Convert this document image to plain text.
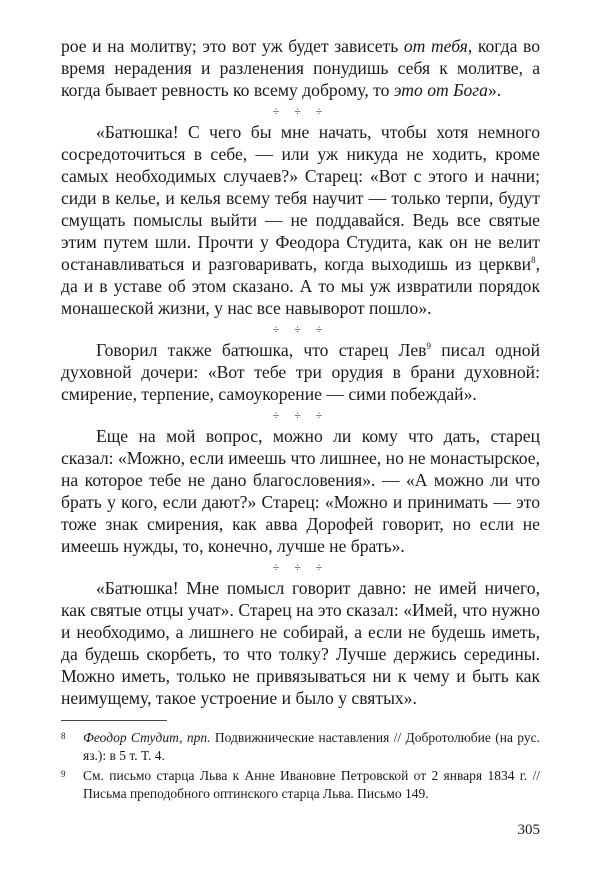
рое и на молитву; это вот уж будет зависеть от тебя, когда во время нерадения и разленения понудишь себя к молитве, а когда бывает ревность ко всему доброму, то это от Бога».

÷ ÷ ÷

«Батюшка! С чего бы мне начать, чтобы хотя немного сосредоточиться в себе, — или уж никуда не ходить, кроме самых необходимых случаев?» Старец: «Вот с этого и начни; сиди в келье, и келья всему тебя научит — только терпи, будут смущать помыслы выйти — не поддавайся. Ведь все святые этим путем шли. Прочти у Феодора Студита, как он не велит останавливаться и разговаривать, когда выходишь из церкви$^8$, да и в уставе об этом сказано. А то мы уж извратили порядок монашеской жизни, у нас все навыворот пошло».

÷ ÷ ÷

Говорил также батюшка, что старец Лев$^9$ писал одной духовной дочери: «Вот тебе три орудия в брани духовной: смирение, терпение, самоукорение — сими побеждай».

÷ ÷ ÷

Еще на мой вопрос, можно ли кому что дать, старец сказал: «Можно, если имеешь что лишнее, но не монастырское, на которое тебе не дано благословения». — «А можно ли что брать у кого, если дают?» Старец: «Можно и принимать — это тоже знак смирения, как авва Дорофей говорит, но если не имеешь нужды, то, конечно, лучше не брать».

÷ ÷ ÷

«Батюшка! Мне помысл говорит давно: не имей ничего, как святые отцы учат». Старец на это сказал: «Имей, что нужно и необходимо, а лишнего не собирай, а если не будешь иметь, да будешь скорбеть, то что толку? Лучше держись середины. Можно иметь, только не привязываться ни к чему и быть как неимущему, такое устроение и было у святых».

8 Феодор Студит, прп. Подвижнические наставления // Добротолюбие (на рус. яз.): в 5 т. Т. 4.
9 См. письмо старца Льва к Анне Ивановне Петровской от 2 января 1834 г. // Письма преподобного оптинского старца Льва. Письмо 149.
305
